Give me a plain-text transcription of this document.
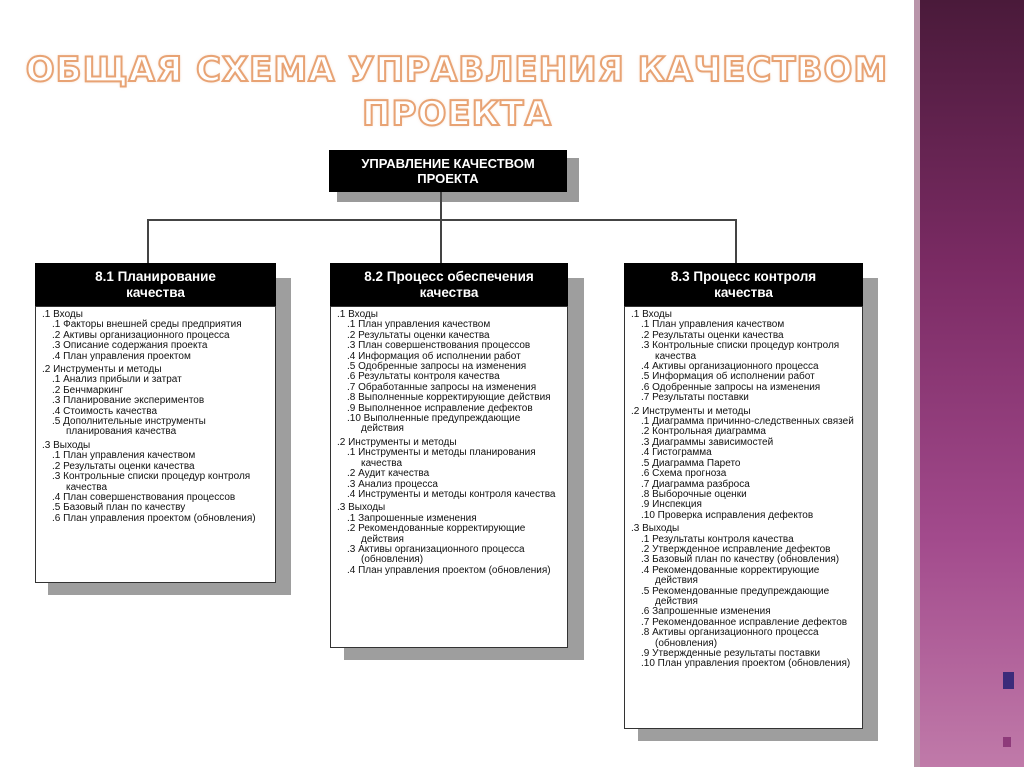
ОБЩАЯ СХЕМА УПРАВЛЕНИЯ КАЧЕСТВОМ
ПРОЕКТА
УПРАВЛЕНИЕ КАЧЕСТВОМ
ПРОЕКТА
8.1 Планирование
качества
.1 Входы
.1 Факторы внешней среды предприятия
.2 Активы организационного процесса
.3 Описание содержания проекта
.4 План управления проектом
.2 Инструменты и методы
.1 Анализ прибыли и затрат
.2 Бенчмаркинг
.3 Планирование экспериментов
.4 Стоимость качества
.5 Дополнительные инструменты планирования качества
.3 Выходы
.1 План управления качеством
.2 Результаты оценки качества
.3 Контрольные списки процедур контроля качества
.4 План совершенствования процессов
.5 Базовый план по качеству
.6 План управления проектом (обновления)
8.2 Процесс обеспечения
качества
.1 Входы
.1 План управления качеством
.2 Результаты оценки качества
.3 План совершенствования процессов
.4 Информация об исполнении работ
.5 Одобренные запросы на изменения
.6 Результаты контроля качества
.7 Обработанные запросы на изменения
.8 Выполненные корректирующие действия
.9 Выполненное исправление дефектов
.10 Выполненные предупреждающие действия
.2 Инструменты и методы
.1 Инструменты и методы планирования качества
.2 Аудит качества
.3 Анализ процесса
.4 Инструменты и методы контроля качества
.3 Выходы
.1 Запрошенные изменения
.2 Рекомендованные корректирующие действия
.3 Активы организационного процесса (обновления)
.4 План управления проектом (обновления)
8.3 Процесс контроля
качества
.1 Входы
.1 План управления качеством
.2 Результаты оценки качества
.3 Контрольные списки процедур контроля качества
.4 Активы организационного процесса
.5 Информация об исполнении работ
.6 Одобренные запросы на изменения
.7 Результаты поставки
.2 Инструменты и методы
.1 Диаграмма причинно-следственных связей
.2 Контрольная диаграмма
.3 Диаграммы зависимостей
.4 Гистограмма
.5 Диаграмма Парето
.6 Схема прогноза
.7 Диаграмма разброса
.8 Выборочные оценки
.9 Инспекция
.10 Проверка исправления дефектов
.3 Выходы
.1 Результаты контроля качества
.2 Утвержденное исправление дефектов
.3 Базовый план по качеству (обновления)
.4 Рекомендованные корректирующие действия
.5 Рекомендованные предупреждающие действия
.6 Запрошенные изменения
.7 Рекомендованное исправление дефектов
.8 Активы организационного процесса (обновления)
.9 Утвержденные результаты поставки
.10 План управления проектом (обновления)
